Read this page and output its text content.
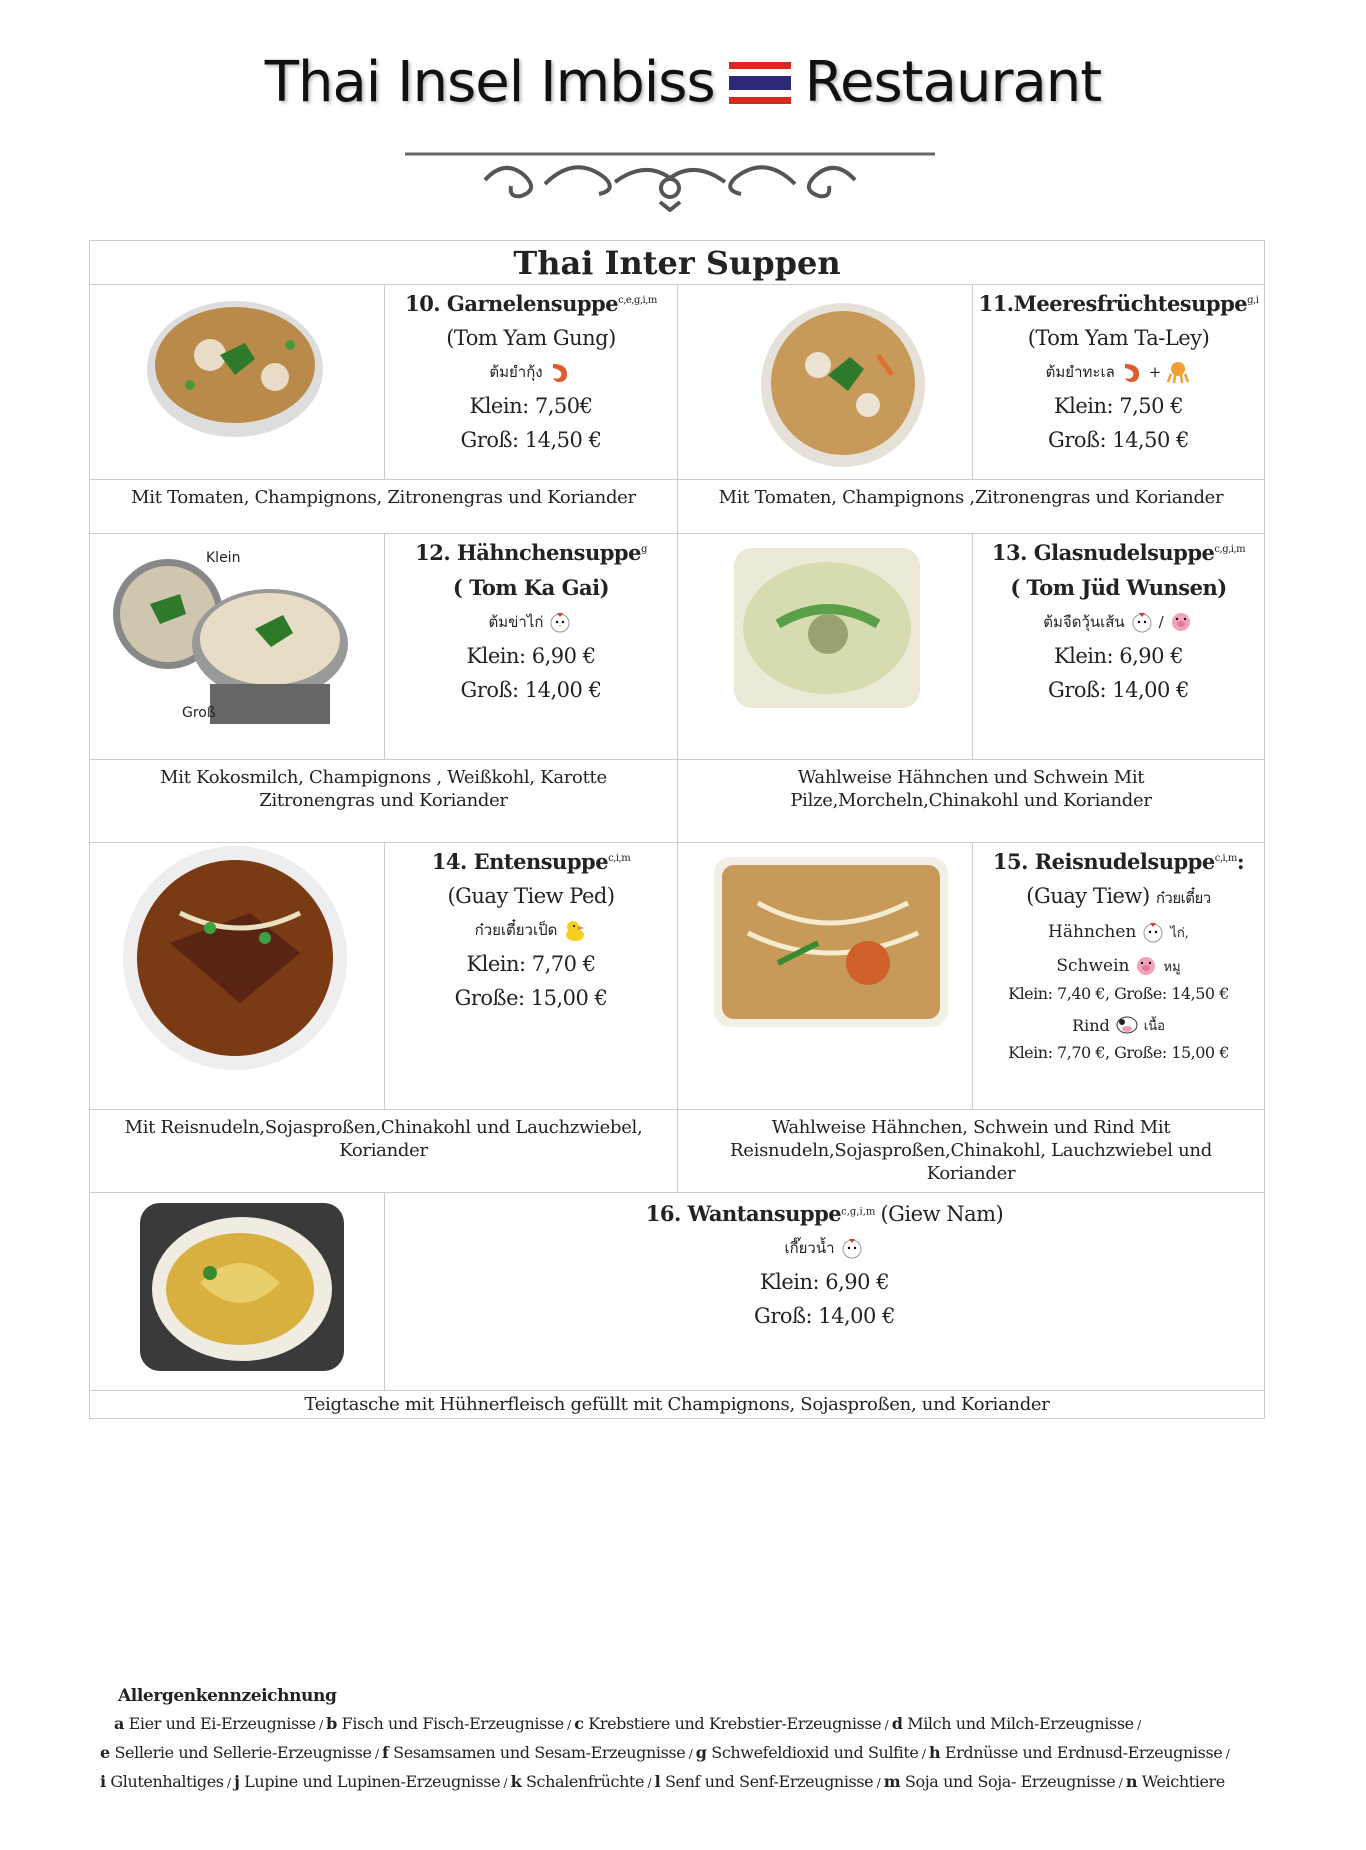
Thai Insel Imbiss Restaurant
Thai Inter Suppen
10. Garnelensuppe$^{c,e,g,i,m}$
(Tom Yam Gung)
ต้มยำกุ้ง
Klein: 7,50€
Groß: 14,50 €
11.Meeresfrüchtesuppe$^{g,i}$
(Tom Yam Ta-Ley)
ต้มยำทะเล +
Klein: 7,50 €
Groß: 14,50 €
Mit Tomaten, Champignons, Zitronengras und Koriander	Mit Tomaten, Champignons ,Zitronengras und Koriander
Klein
Groß
12. Hähnchensuppe$^g$
( Tom Ka Gai)
ต้มข่าไก่
Klein: 6,90 €
Groß: 14,00 €
13. Glasnudelsuppe$^{c,g,i,m}$
( Tom Jüd Wunsen)
ต้มจืดวุ้นเส้น /
Klein: 6,90 €
Groß: 14,00 €
Mit Kokosmilch, Champignons , Weißkohl, Karotte Zitronengras und Koriander
Wahlweise Hähnchen und Schwein Mit Pilze,Morcheln,Chinakohl und Koriander
14. Entensuppe$^{c,i,m}$
(Guay Tiew Ped)
ก๋วยเตี๋ยวเป็ด
Klein: 7,70 €
Große: 15,00 €
15. Reisnudelsuppe$^{c,i,m}$:
(Guay Tiew) ก๋วยเตี๋ยว
Hähnchen	ไก่,
Schwein	หมู
Klein: 7,40 €, Große: 14,50 €
Rind	เนื้อ
Klein: 7,70 €, Große: 15,00 €
Mit Reisnudeln,Sojasproßen,Chinakohl und Lauchzwiebel, Koriander
Wahlweise Hähnchen, Schwein und Rind Mit Reisnudeln,Sojasproßen,Chinakohl, Lauchzwiebel und Koriander
16. Wantansuppe$^{c,g,i,m}$ (Giew Nam)
เกี๊ยวน้ำ
Klein: 6,90 €
Groß: 14,00 €
Teigtasche mit Hühnerfleisch gefüllt mit Champignons, Sojasproßen, und Koriander
Allergenkennzeichnung
a Eier und Ei-Erzeugnisse / b Fisch und Fisch-Erzeugnisse / c Krebstiere und Krebstier-Erzeugnisse / d Milch und Milch-Erzeugnisse /
e Sellerie und Sellerie-Erzeugnisse / f Sesamsamen und Sesam-Erzeugnisse / g Schwefeldioxid und Sulfite / h Erdnüsse und Erdnusd-Erzeugnisse /
i Glutenhaltiges / j Lupine und Lupinen-Erzeugnisse / k Schalenfrüchte / l Senf und Senf-Erzeugnisse / m Soja und Soja- Erzeugnisse / n Weichtiere
